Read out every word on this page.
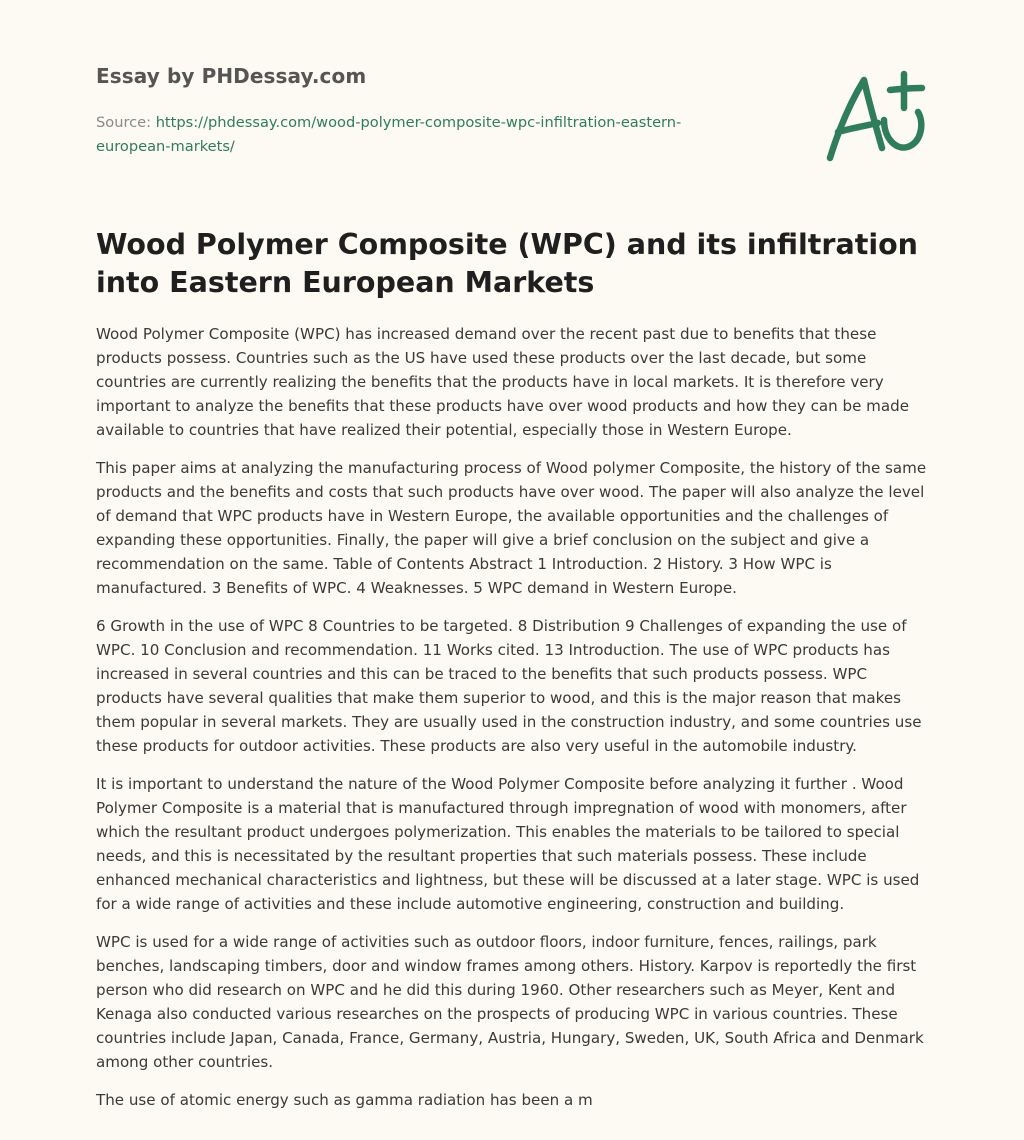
Essay by PHDessay.com
Source: https://phdessay.com/wood-polymer-composite-wpc-infiltration-eastern-
european-markets/
Wood Polymer Composite (WPC) and its infiltration into Eastern European Markets

Wood Polymer Composite (WPC) has increased demand over the recent past due to benefits that these products possess. Countries such as the US have used these products over the last decade, but some countries are currently realizing the benefits that the products have in local markets. It is therefore very important to analyze the benefits that these products have over wood products and how they can be made available to countries that have realized their potential, especially those in Western Europe.

This paper aims at analyzing the manufacturing process of Wood polymer Composite, the history of the same products and the benefits and costs that such products have over wood. The paper will also analyze the level of demand that WPC products have in Western Europe, the available opportunities and the challenges of expanding these opportunities. Finally, the paper will give a brief conclusion on the subject and give a recommendation on the same. Table of Contents Abstract 1 Introduction. 2 History. 3 How WPC is manufactured. 3 Benefits of WPC. 4 Weaknesses. 5 WPC demand in Western Europe.

6 Growth in the use of WPC 8 Countries to be targeted. 8 Distribution 9 Challenges of expanding the use of WPC. 10 Conclusion and recommendation. 11 Works cited. 13 Introduction. The use of WPC products has increased in several countries and this can be traced to the benefits that such products possess. WPC products have several qualities that make them superior to wood, and this is the major reason that makes them popular in several markets. They are usually used in the construction industry, and some countries use these products for outdoor activities. These products are also very useful in the automobile industry.

It is important to understand the nature of the Wood Polymer Composite before analyzing it further . Wood Polymer Composite is a material that is manufactured through impregnation of wood with monomers, after which the resultant product undergoes polymerization. This enables the materials to be tailored to special needs, and this is necessitated by the resultant properties that such materials possess. These include enhanced mechanical characteristics and lightness, but these will be discussed at a later stage. WPC is used for a wide range of activities and these include automotive engineering, construction and building.

WPC is used for a wide range of activities such as outdoor floors, indoor furniture, fences, railings, park benches, landscaping timbers, door and window frames among others. History. Karpov is reportedly the first person who did research on WPC and he did this during 1960. Other researchers such as Meyer, Kent and Kenaga also conducted various researches on the prospects of producing WPC in various countries. These countries include Japan, Canada, France, Germany, Austria, Hungary, Sweden, UK, South Africa and Denmark among other countries.

The use of atomic energy such as gamma radiation has been a m
